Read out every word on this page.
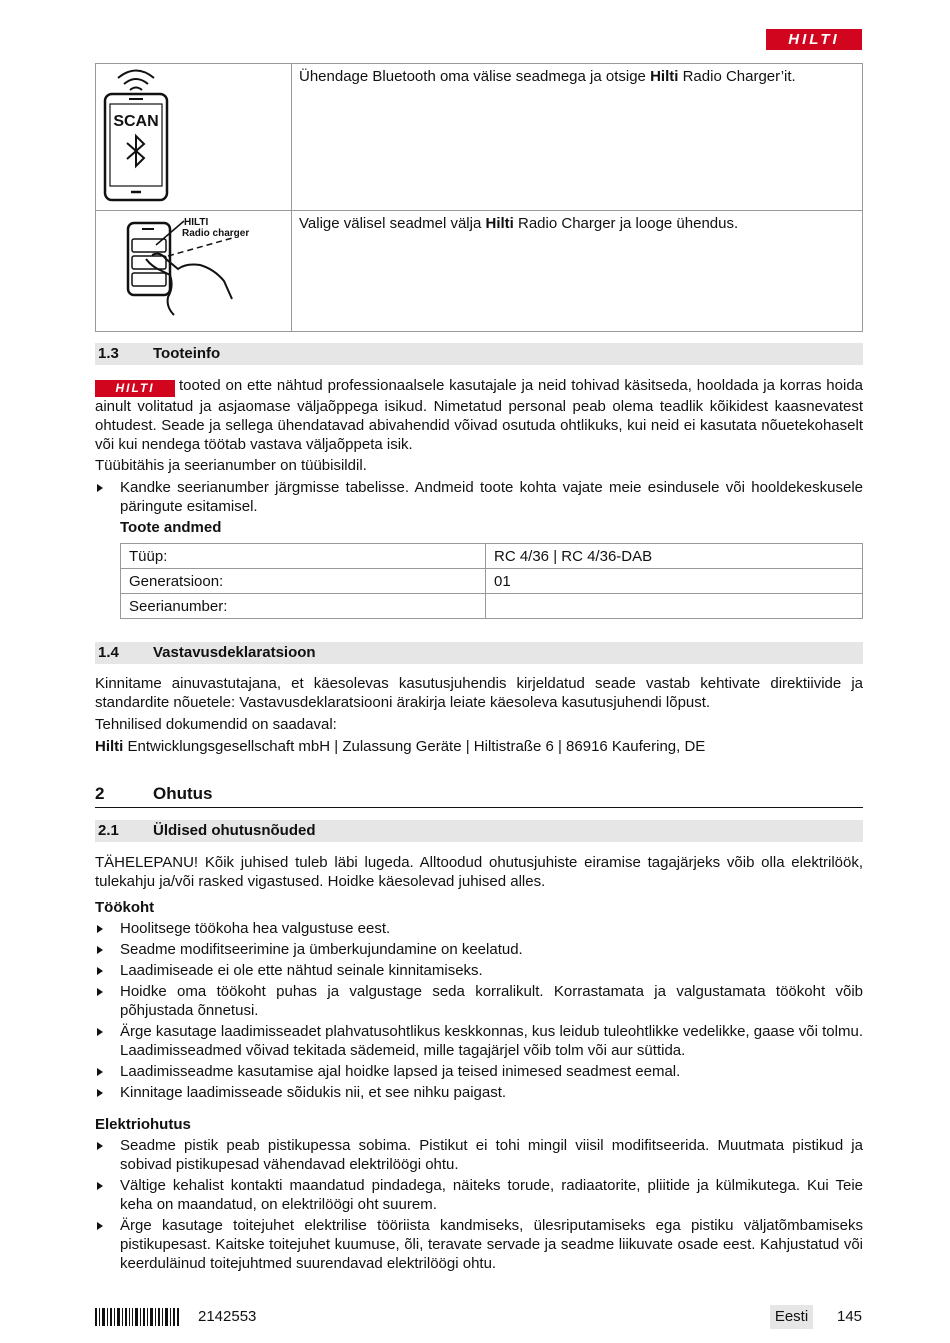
HILTI
SCAN	Ühendage Bluetooth oma välise seadmega ja otsige Hilti Radio Charger’it.

HILTI
Radio charger	Valige välisel seadmel välja Hilti Radio Charger ja looge ühendus.
1.3 Tooteinfo
HILTI	tooted on ette nähtud professionaalsele kasutajale ja neid tohivad käsitseda, hooldada ja korras hoida ainult volitatud ja asjaomase väljaõppega isikud. Nimetatud personal peab olema teadlik kõikidest kaasnevatest ohtudest. Seade ja sellega ühendatavad abivahendid võivad osutuda ohtlikuks, kui neid ei kasutata nõuetekohaselt või kui nendega töötab vastava väljaõppeta isik.
Tüübitähis ja seerianumber on tüübisildil.
Kandke seerianumber järgmisse tabelisse. Andmeid toote kohta vajate meie esindusele või hooldekeskusele päringute esitamisel.
Toote andmed
Tüüp:	RC 4/36 | RC 4/36-DAB
Generatsioon:	01
Seerianumber:	
1.4 Vastavusdeklaratsioon
Kinnitame ainuvastutajana, et käesolevas kasutusjuhendis kirjeldatud seade vastab kehtivate direktiivide ja standardite nõuetele: Vastavusdeklaratsiooni ärakirja leiate käesoleva kasutusjuhendi lõpust.
Tehnilised dokumendid on saadaval:
Hilti Entwicklungsgesellschaft mbH | Zulassung Geräte | Hiltistraße 6 | 86916 Kaufering, DE
2	Ohutus
2.1 Üldised ohutusnõuded
TÄHELEPANU! Kõik juhised tuleb läbi lugeda. Alltoodud ohutusjuhiste eiramise tagajärjeks võib olla elektrilöök, tulekahju ja/või rasked vigastused. Hoidke käesolevad juhised alles.
Töökoht
Hoolitsege töökoha hea valgustuse eest.
Seadme modifitseerimine ja ümberkujundamine on keelatud.
Laadimiseade ei ole ette nähtud seinale kinnitamiseks.
Hoidke oma töökoht puhas ja valgustage seda korralikult. Korrastamata ja valgustamata töökoht võib põhjustada õnnetusi.
Ärge kasutage laadimisseadet plahvatusohtlikus keskkonnas, kus leidub tuleohtlikke vedelikke, gaase või tolmu. Laadimisseadmed võivad tekitada sädemeid, mille tagajärjel võib tolm või aur süttida.
Laadimisseadme kasutamise ajal hoidke lapsed ja teised inimesed seadmest eemal.
Kinnitage laadimisseade sõidukis nii, et see nihku paigast.
Elektriohutus
Seadme pistik peab pistikupessa sobima. Pistikut ei tohi mingil viisil modifitseerida. Muutmata pistikud ja sobivad pistikupesad vähendavad elektrilöögi ohtu.
Vältige kehalist kontakti maandatud pindadega, näiteks torude, radiaatorite, pliitide ja külmikutega. Kui Teie keha on maandatud, on elektrilöögi oht suurem.
Ärge kasutage toitejuhet elektrilise tööriista kandmiseks, ülesriputamiseks ega pistiku väljatõmbamiseks pistikupesast. Kaitske toitejuhet kuumuse, õli, teravate servade ja seadme liikuvate osade eest. Kahjustatud või keerduläinud toitejuhtmed suurendavad elektrilöögi ohtu.
2142553	Eesti	145
